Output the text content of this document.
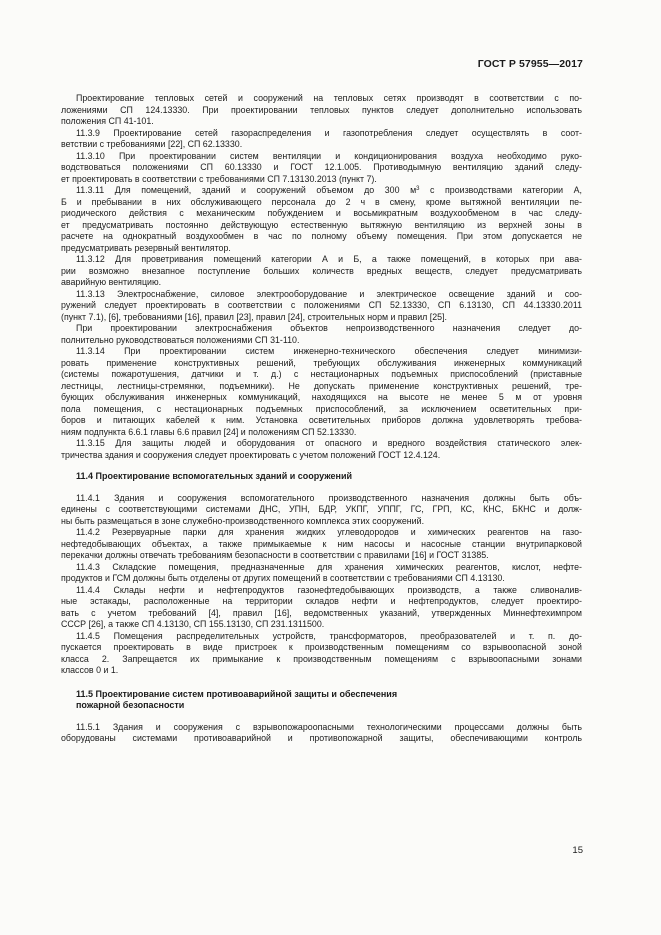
ГОСТ Р 57955—2017

Проектирование тепловых сетей и сооружений на тепловых сетях производят в соответствии с по-
ложениями СП 124.13330. При проектировании тепловых пунктов следует дополнительно использовать
положения СП 41-101.

11.3.9 Проектирование сетей газораспределения и газопотребления следует осуществлять в соот-
ветствии с требованиями [22], СП 62.13330.

11.3.10 При проектировании систем вентиляции и кондиционирования воздуха необходимо руко-
водствоваться положениями СП 60.13330 и ГОСТ 12.1.005. Противодымную вентиляцию зданий следу-
ет проектировать в соответствии с требованиями СП 7.13130.2013 (пункт 7).

11.3.11 Для помещений, зданий и сооружений объемом до 300 $м^3$ с производствами категории А,
Б и пребывании в них обслуживающего персонала до 2 ч в смену, кроме вытяжной вентиляции пе-
риодического действия с механическим побуждением и восьмикратным воздухообменом в час следу-
ет предусматривать постоянно действующую естественную вытяжную вентиляцию из верхней зоны в
расчете на однократный воздухообмен в час по полному объему помещения. При этом допускается не
предусматривать резервный вентилятор.

11.3.12 Для проветривания помещений категории А и Б, а также помещений, в которых при ава-
рии возможно внезапное поступление больших количеств вредных веществ, следует предусматривать
аварийную вентиляцию.

11.3.13 Электроснабжение, силовое электрооборудование и электрическое освещение зданий и соо-
ружений следует проектировать в соответствии с положениями СП 52.13330, СП 6.13130, СП 44.13330.2011
(пункт 7.1), [6], требованиями [16], правил [23], правил [24], строительных норм и правил [25].

При проектировании электроснабжения объектов непроизводственного назначения следует до-
полнительно руководствоваться положениями СП 31-110.

11.3.14 При проектировании систем инженерно-технического обеспечения следует минимизи-
ровать применение конструктивных решений, требующих обслуживания инженерных коммуникаций
(системы пожаротушения, датчики и т. д.) с нестационарных подъемных приспособлений (приставные
лестницы, лестницы-стремянки, подъемники). Не допускать применение конструктивных решений, тре-
бующих обслуживания инженерных коммуникаций, находящихся на высоте не менее 5 м от уровня
пола помещения, с нестационарных подъемных приспособлений, за исключением осветительных при-
боров и питающих кабелей к ним. Установка осветительных приборов должна удовлетворять требова-
ниям подпункта 6.6.1 главы 6.6 правил [24] и положениям СП 52.13330.

11.3.15 Для защиты людей и оборудования от опасного и вредного воздействия статического элек-
тричества здания и сооружения следует проектировать с учетом положений ГОСТ 12.4.124.

11.4 Проектирование вспомогательных зданий и сооружений

11.4.1 Здания и сооружения вспомогательного производственного назначения должны быть объ-
единены с соответствующими системами ДНС, УПН, БДР, УКПГ, УППГ, ГС, ГРП, КС, КНС, БКНС и долж-
ны быть размещаться в зоне служебно-производственного комплекса этих сооружений.

11.4.2 Резервуарные парки для хранения жидких углеводородов и химических реагентов на газо-
нефтедобывающих объектах, а также примыкаемые к ним насосы и насосные станции внутрипарковой
перекачки должны отвечать требованиям безопасности в соответствии с правилами [16] и ГОСТ 31385.

11.4.3 Складские помещения, предназначенные для хранения химических реагентов, кислот, нефте-
продуктов и ГСМ должны быть отделены от других помещений в соответствии с требованиями СП 4.13130.

11.4.4 Склады нефти и нефтепродуктов газонефтедобывающих производств, а также сливоналив-
ные эстакады, расположенные на территории складов нефти и нефтепродуктов, следует проектиро-
вать с учетом требований [4], правил [16], ведомственных указаний, утвержденных Миннефтехимпром
СССР [26], а также СП 4.13130, СП 155.13130, СП 231.1311500.

11.4.5 Помещения распределительных устройств, трансформаторов, преобразователей и т. п. до-
пускается проектировать в виде пристроек к производственным помещениям со взрывоопасной зоной
класса 2. Запрещается их примыкание к производственным помещениям с взрывоопасными зонами
классов 0 и 1.

11.5 Проектирование систем противоаварийной защиты и обеспечения
пожарной безопасности

11.5.1 Здания и сооружения с взрывопожароопасными технологическими процессами должны быть
оборудованы системами противоаварийной и противопожарной защиты, обеспечивающими контроль

15
